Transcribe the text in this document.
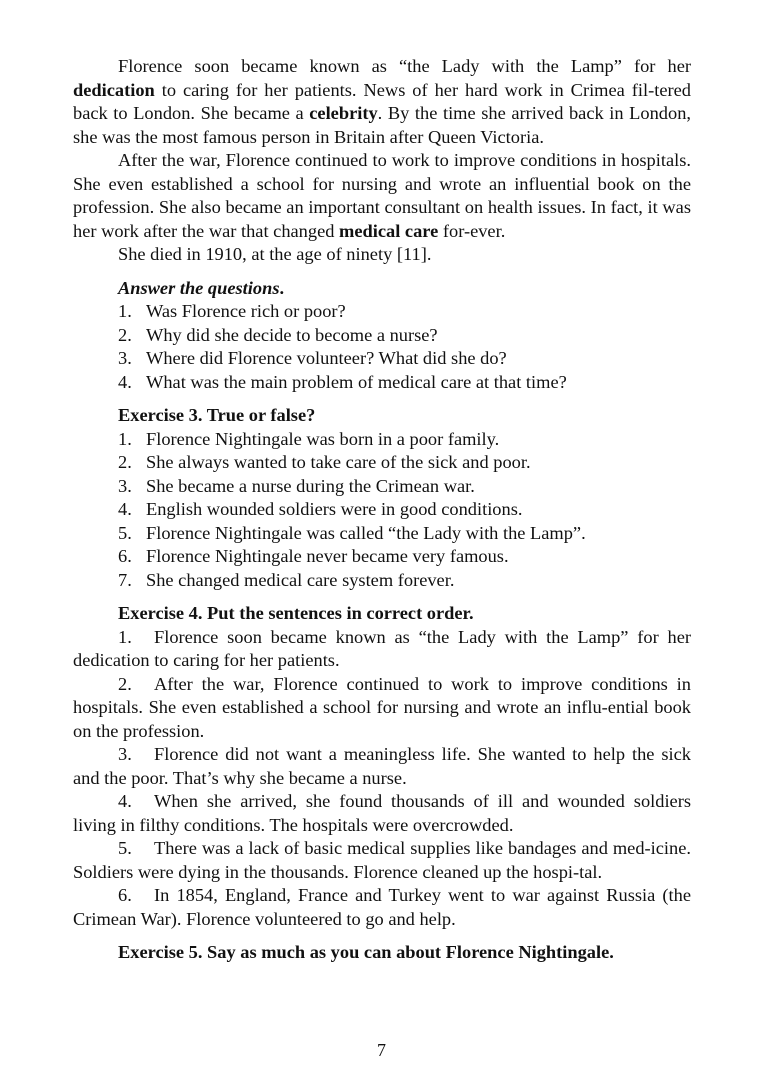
Florence soon became known as “the Lady with the Lamp” for her dedication to caring for her patients. News of her hard work in Crimea fil-tered back to London. She became a celebrity. By the time she arrived back in London, she was the most famous person in Britain after Queen Victoria.

After the war, Florence continued to work to improve conditions in hospitals. She even established a school for nursing and wrote an influential book on the profession. She also became an important consultant on health issues. In fact, it was her work after the war that changed medical care for-ever.

She died in 1910, at the age of ninety [11].

Answer the questions.

1. Was Florence rich or poor?
2. Why did she decide to become a nurse?
3. Where did Florence volunteer? What did she do?
4. What was the main problem of medical care at that time?

Exercise 3. True or false?

1. Florence Nightingale was born in a poor family.
2. She always wanted to take care of the sick and poor.
3. She became a nurse during the Crimean war.
4. English wounded soldiers were in good conditions.
5. Florence Nightingale was called “the Lady with the Lamp”.
6. Florence Nightingale never became very famous.
7. She changed medical care system forever.

Exercise 4. Put the sentences in correct order.

1. Florence soon became known as “the Lady with the Lamp” for her dedication to caring for her patients.

2. After the war, Florence continued to work to improve conditions in hospitals. She even established a school for nursing and wrote an influ-ential book on the profession.

3. Florence did not want a meaningless life. She wanted to help the sick and the poor. That’s why she became a nurse.

4. When she arrived, she found thousands of ill and wounded soldiers living in filthy conditions. The hospitals were overcrowded.

5. There was a lack of basic medical supplies like bandages and med-icine. Soldiers were dying in the thousands. Florence cleaned up the hospi-tal.

6. In 1854, England, France and Turkey went to war against Russia (the Crimean War). Florence volunteered to go and help.

Exercise 5. Say as much as you can about Florence Nightingale.

7
